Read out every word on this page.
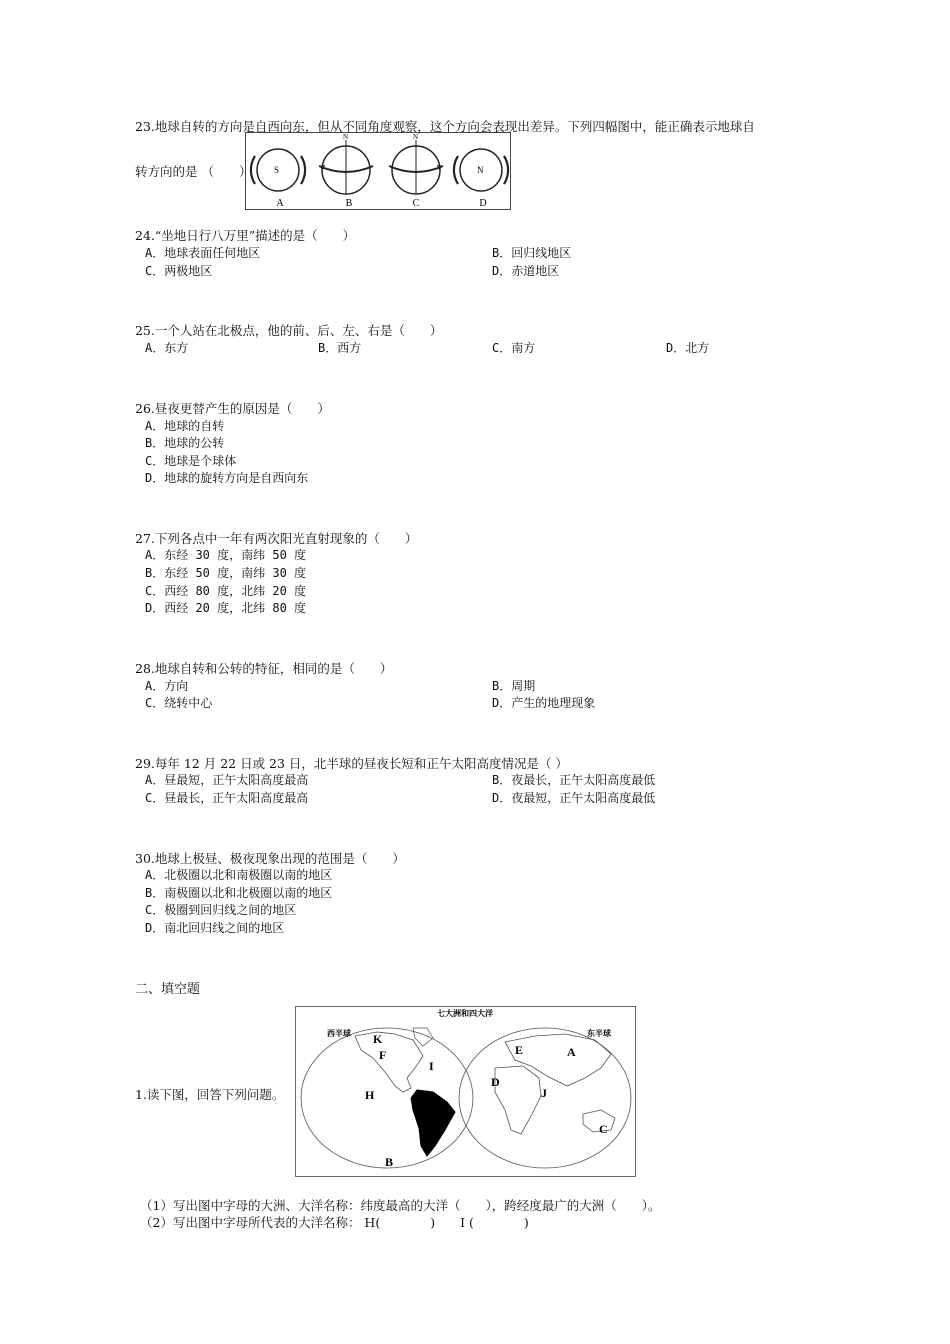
23.地球自转的方向是自西向东，但从不同角度观察，这个方向会表现出差异。下列四幅图中，能正确表示地球自
转方向的是 （　　）	S
A
N
B
N
C
N
D
24.“坐地日行八万里”描述的是（　　）
A．地球表面任何地区	B．回归线地区
C．两极地区	D．赤道地区
25.一个人站在北极点，他的前、后、左、右是（　　）
A．东方	B．西方	C．南方	D．北方
26.昼夜更替产生的原因是（　　）
A．地球的自转
B．地球的公转
C．地球是个球体
D．地球的旋转方向是自西向东
27.下列各点中一年有两次阳光直射现象的（　　）
A．东经 30 度，南纬 50 度
B．东经 50 度，南纬 30 度
C．西经 80 度，北纬 20 度
D．西经 20 度，北纬 80 度
28.地球自转和公转的特征，相同的是（　　）
A．方向	B．周期
C．绕转中心	D．产生的地理现象
29.每年 12 月 22 日或 23 日，北半球的昼夜长短和正午太阳高度情况是（ ）
A．昼最短，正午太阳高度最高	B．夜最长，正午太阳高度最低
C．昼最长，正午太阳高度最高	D．夜最短，正午太阳高度最低
30.地球上极昼、极夜现象出现的范围是（　　）
A．北极圈以北和南极圈以南的地区
B．南极圈以北和北极圈以南的地区
C．极圈到回归线之间的地区
D．南北回归线之间的地区
二、填空题
1.读下图，回答下列问题。
七大洲和四大洋
西半球	东半球
K
F
I
H
B
E	A
D
J
C
（1）写出图中字母的大洲、大洋名称：纬度最高的大洋（　　），跨经度最广的大洲（　　）。
（2）写出图中字母所代表的大洋名称： H(　　　　)　　I (　　　　)
